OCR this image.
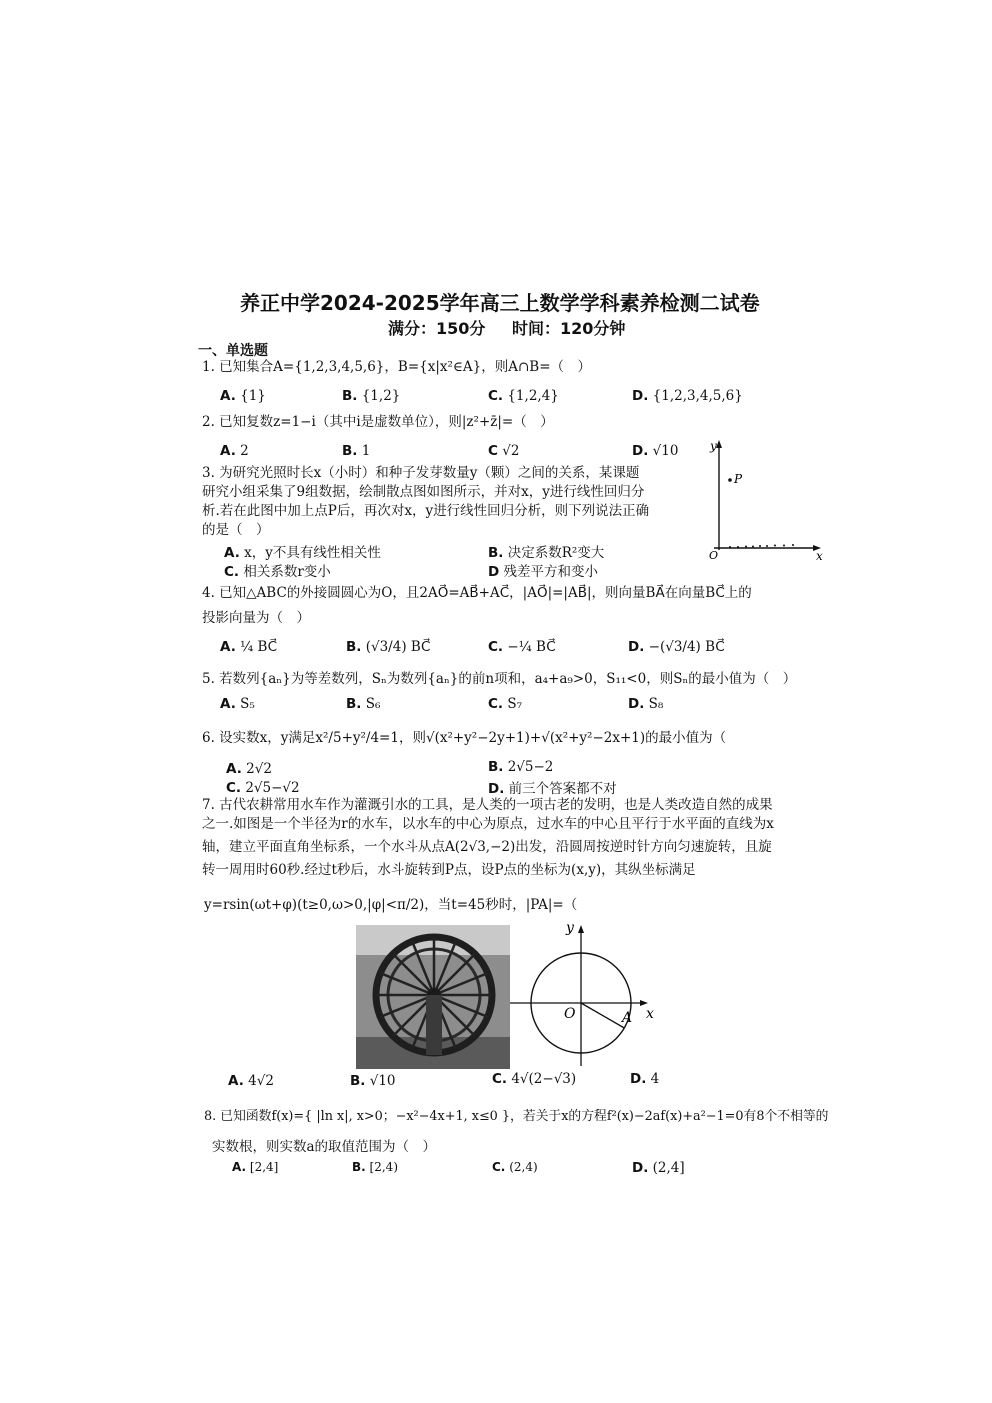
养正中学2024-2025学年高三上数学学科素养检测二试卷
满分：150分 时间：120分钟
一、单选题
1. 已知集合A={1,2,3,4,5,6}，B={x|x²∈A}，则A∩B=（　）
A. {1}	B. {1,2}	C. {1,2,4}	D. {1,2,3,4,5,6}
2. 已知复数z=1−i（其中i是虚数单位），则|z²+z̄|=（　）
A. 2	B. 1	C √2	D. √10
3. 为研究光照时长x（小时）和种子发芽数量y（颗）之间的关系，某课题
研究小组采集了9组数据，绘制散点图如图所示，并对x，y进行线性回归分
析.若在此图中加上点P后，再次对x，y进行线性回归分析，则下列说法正确
的是（　）
A. x，y不具有线性相关性	B. 决定系数R²变大
C. 相关系数r变小	D 残差平方和变小
y
x
O
P
4. 已知△ABC的外接圆圆心为O，且2AO⃗=AB⃗+AC⃗，|AO⃗|=|AB⃗|，则向量BA⃗在向量BC⃗上的
投影向量为（　）
A. ¼ BC⃗	B. (√3/4) BC⃗	C. −¼ BC⃗	D. −(√3/4) BC⃗
5. 若数列{aₙ}为等差数列，Sₙ为数列{aₙ}的前n项和，a₄+a₉>0，S₁₁<0，则Sₙ的最小值为（　）
A. S₅	B. S₆	C. S₇	D. S₈
6. 设实数x，y满足x²/5+y²/4=1，则√(x²+y²−2y+1)+√(x²+y²−2x+1)的最小值为（
A. 2√2	B. 2√5−2
C. 2√5−√2	D. 前三个答案都不对
7. 古代农耕常用水车作为灌溉引水的工具，是人类的一项古老的发明，也是人类改造自然的成果
之一.如图是一个半径为r的水车，以水车的中心为原点，过水车的中心且平行于水平面的直线为x
轴，建立平面直角坐标系，一个水斗从点A(2√3,−2)出发，沿圆周按逆时针方向匀速旋转，且旋
转一周用时60秒.经过t秒后，水斗旋转到P点，设P点的坐标为(x,y)，其纵坐标满足
y=rsin(ωt+φ)(t≥0,ω>0,|φ|<π/2)，当t=45秒时，|PA|=（　
y
x
O	A
A. 4√2	B. √10	C. 4√(2−√3)	D. 4
8. 已知函数f(x)={ |ln x|, x>0；−x²−4x+1, x≤0 }，若关于x的方程f²(x)−2af(x)+a²−1=0有8个不相等的
实数根，则实数a的取值范围为（　）
A. [2,4]	B. [2,4)	C. (2,4)	D. (2,4]
